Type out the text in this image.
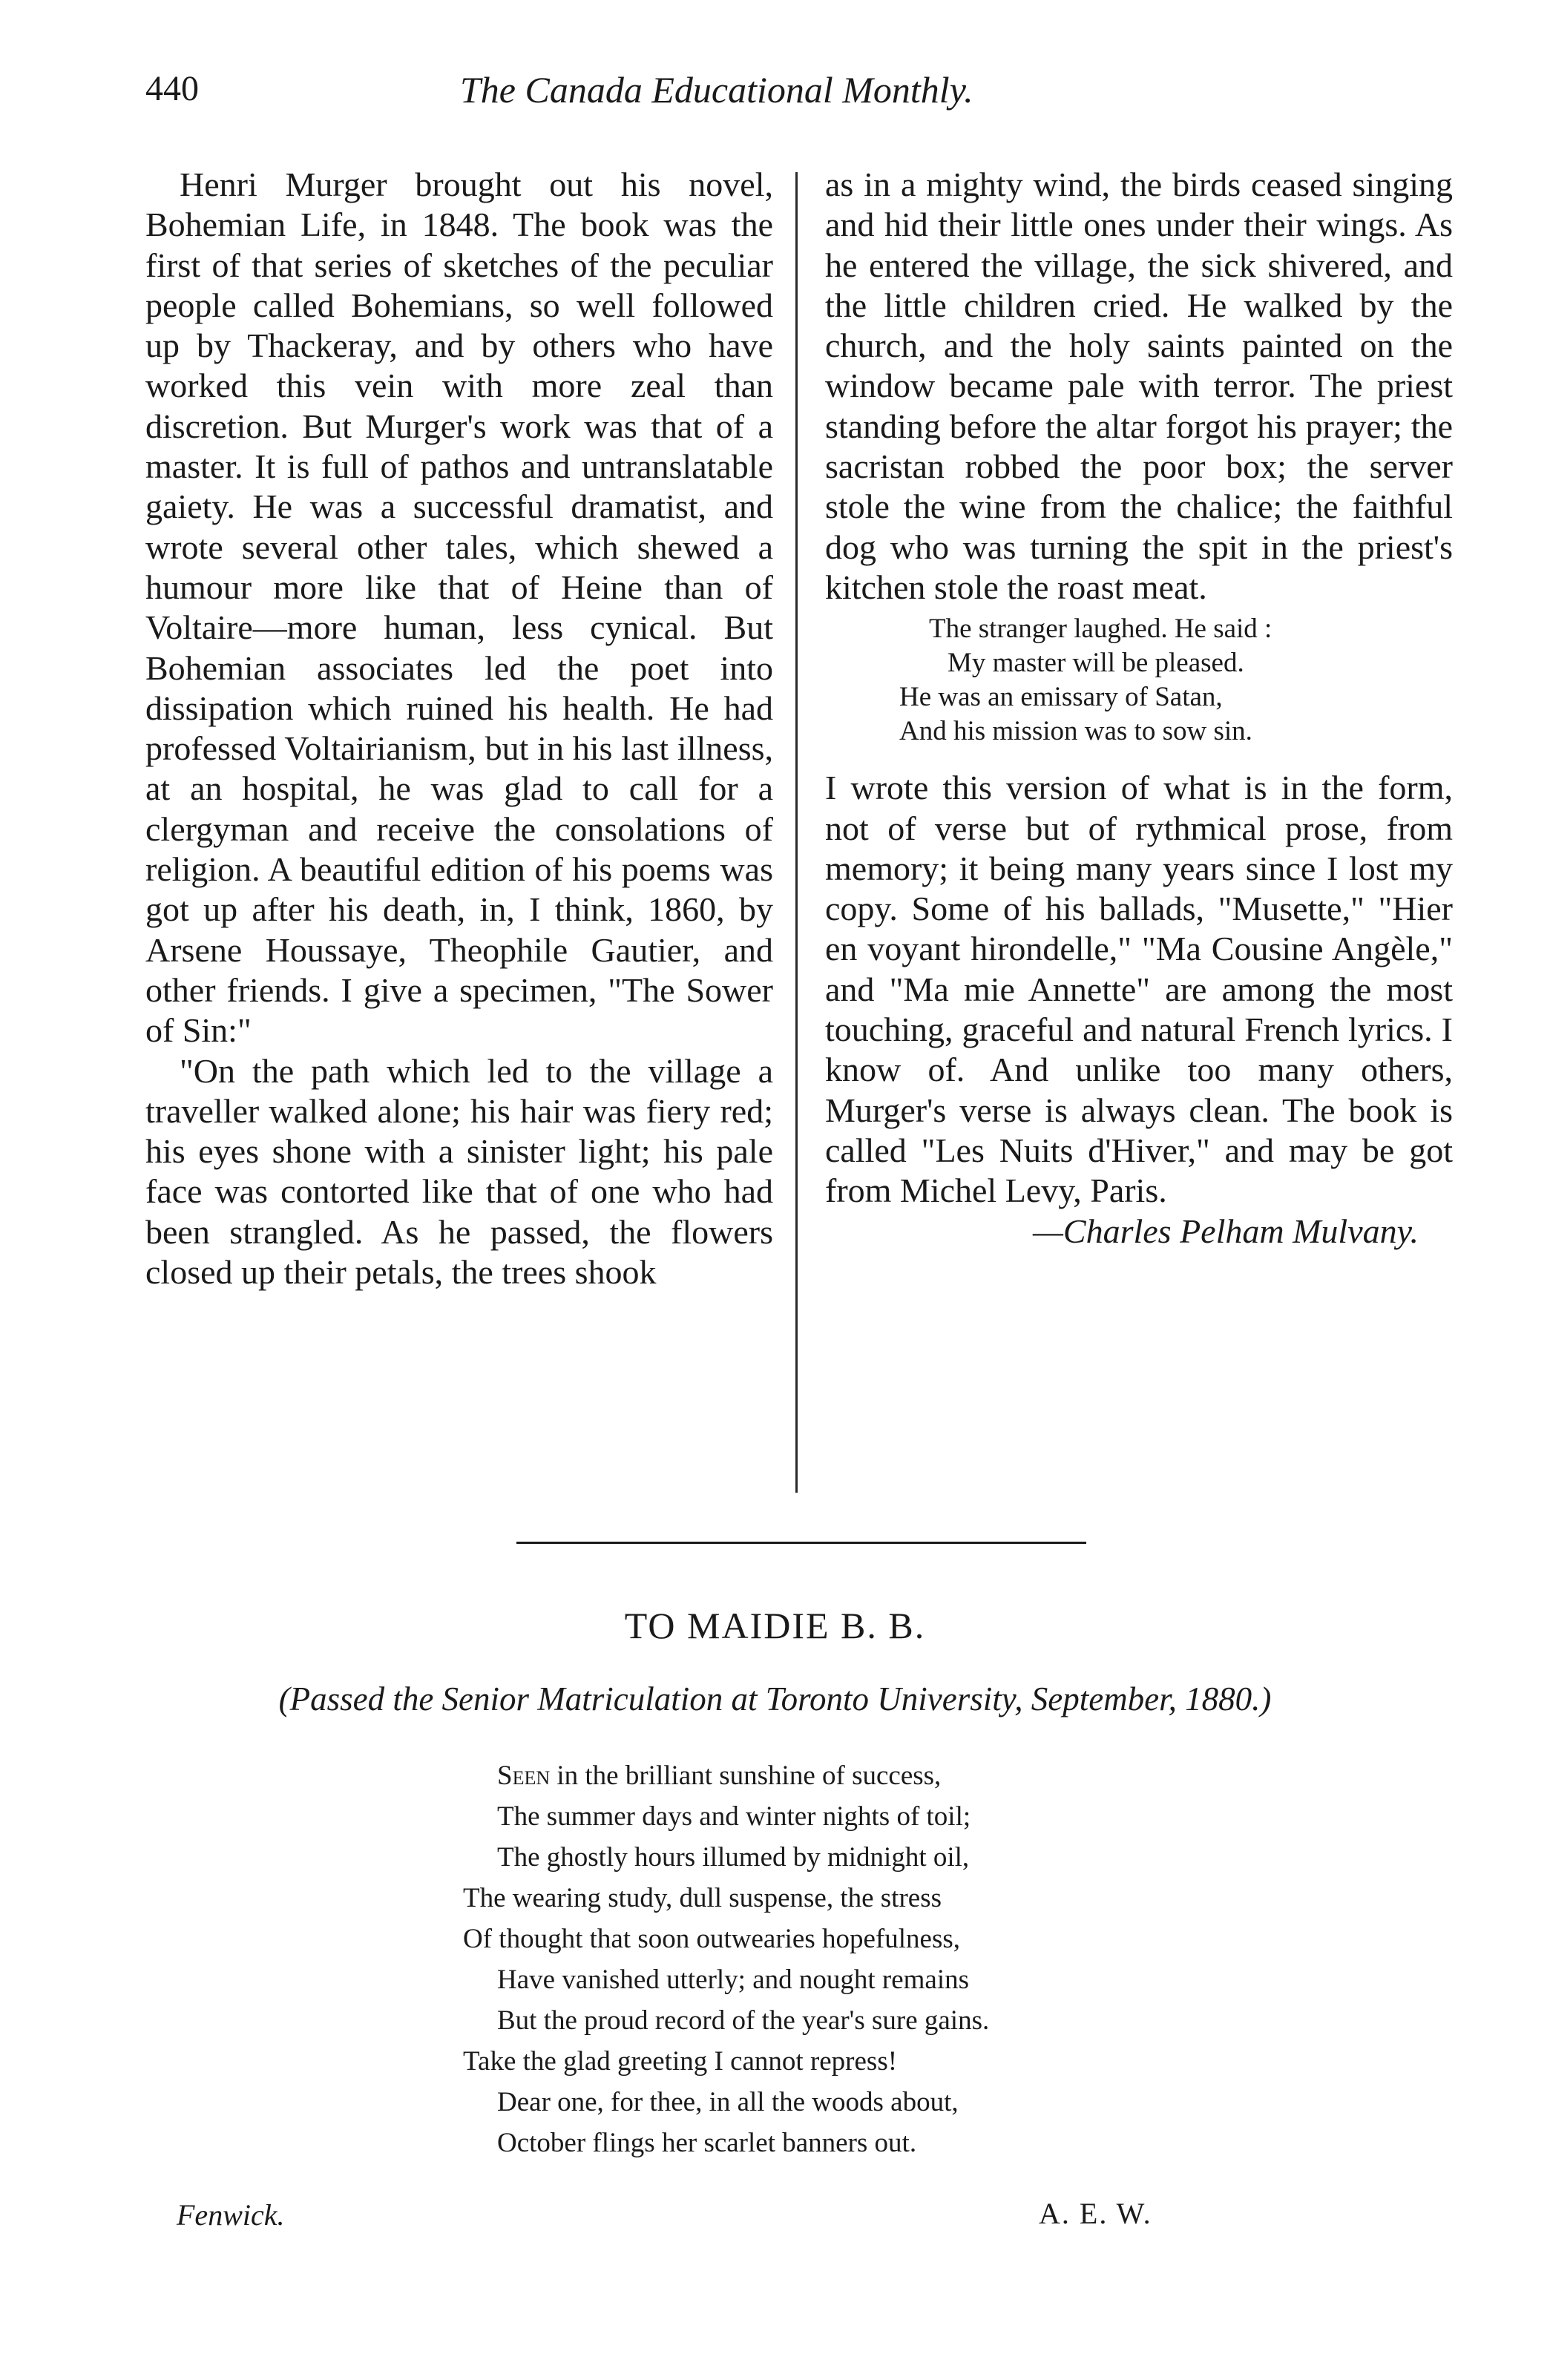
440	The Canada Educational Monthly.

Henri Murger brought out his novel, Bohemian Life, in 1848. The book was the first of that series of sketches of the peculiar people called Bohemians, so well followed up by Thackeray, and by others who have worked this vein with more zeal than discretion. But Murger's work was that of a master. It is full of pathos and untranslatable gaiety. He was a successful dramatist, and wrote several other tales, which shewed a humour more like that of Heine than of Voltaire—more human, less cynical. But Bohemian associates led the poet into dissipation which ruined his health. He had professed Voltairianism, but in his last illness, at an hospital, he was glad to call for a clergyman and receive the consolations of religion. A beautiful edition of his poems was got up after his death, in, I think, 1860, by Arsene Houssaye, Theophile Gautier, and other friends. I give a specimen, "The Sower of Sin:"

"On the path which led to the village a traveller walked alone; his hair was fiery red; his eyes shone with a sinister light; his pale face was contorted like that of one who had been strangled. As he passed, the flowers closed up their petals, the trees shook

as in a mighty wind, the birds ceased singing and hid their little ones under their wings. As he entered the village, the sick shivered, and the little children cried. He walked by the church, and the holy saints painted on the window became pale with terror. The priest standing before the altar forgot his prayer; the sacristan robbed the poor box; the server stole the wine from the chalice; the faithful dog who was turning the spit in the priest's kitchen stole the roast meat.

The stranger laughed. He said :
My master will be pleased.
He was an emissary of Satan,
And his mission was to sow sin.

I wrote this version of what is in the form, not of verse but of rythmical prose, from memory; it being many years since I lost my copy. Some of his ballads, "Musette," "Hier en voyant hirondelle," "Ma Cousine Angèle," and "Ma mie Annette" are among the most touching, graceful and natural French lyrics. I know of. And unlike too many others, Murger's verse is always clean. The book is called "Les Nuits d'Hiver," and may be got from Michel Levy, Paris.

—Charles Pelham Mulvany.

TO MAIDIE B. B.
(Passed the Senior Matriculation at Toronto University, September, 1880.)
Seen in the brilliant sunshine of success,
The summer days and winter nights of toil;
The ghostly hours illumed by midnight oil,
The wearing study, dull suspense, the stress
Of thought that soon outwearies hopefulness,
Have vanished utterly; and nought remains
But the proud record of the year's sure gains.
Take the glad greeting I cannot repress!
Dear one, for thee, in all the woods about,
October flings her scarlet banners out.
Fenwick.	A. E. W.
